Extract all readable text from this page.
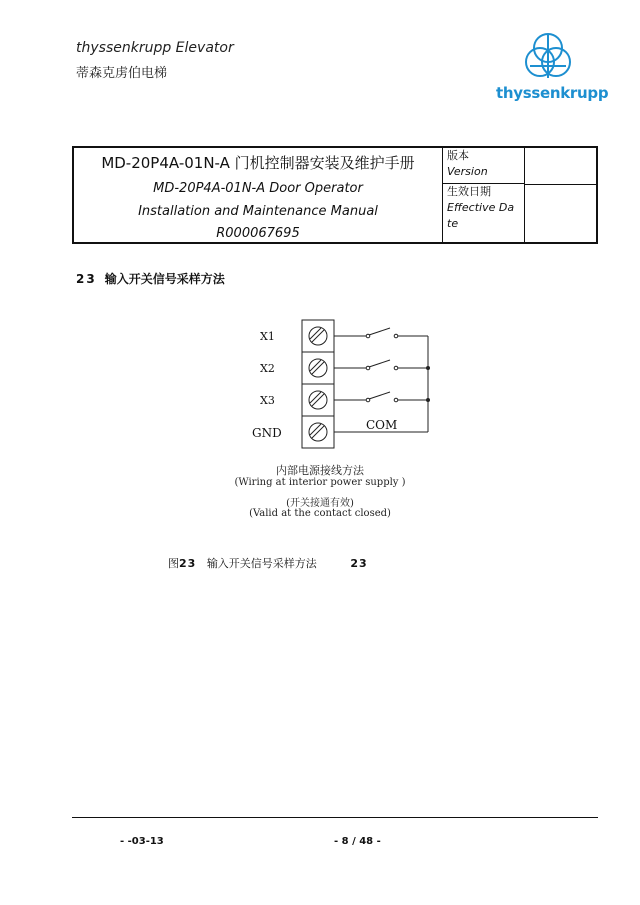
thyssenkrupp Elevator
蒂森克虏伯电梯
thyssenkrupp
MD-20P4A-01N-A 门机控制器安装及维护手册
MD-20P4A-01N-A Door Operator
Installation and Maintenance Manual
R000067695
版本
Version
生效日期
Effective Da
te
23 输入开关信号采样方法
X1
X2
X3
GND
COM
内部电源接线方法
(Wiring at interior power supply )
(开关接通有效)
(Valid at the contact closed)
图23 输入开关信号采样方法	23
- -03-13	- 8 / 48 -
